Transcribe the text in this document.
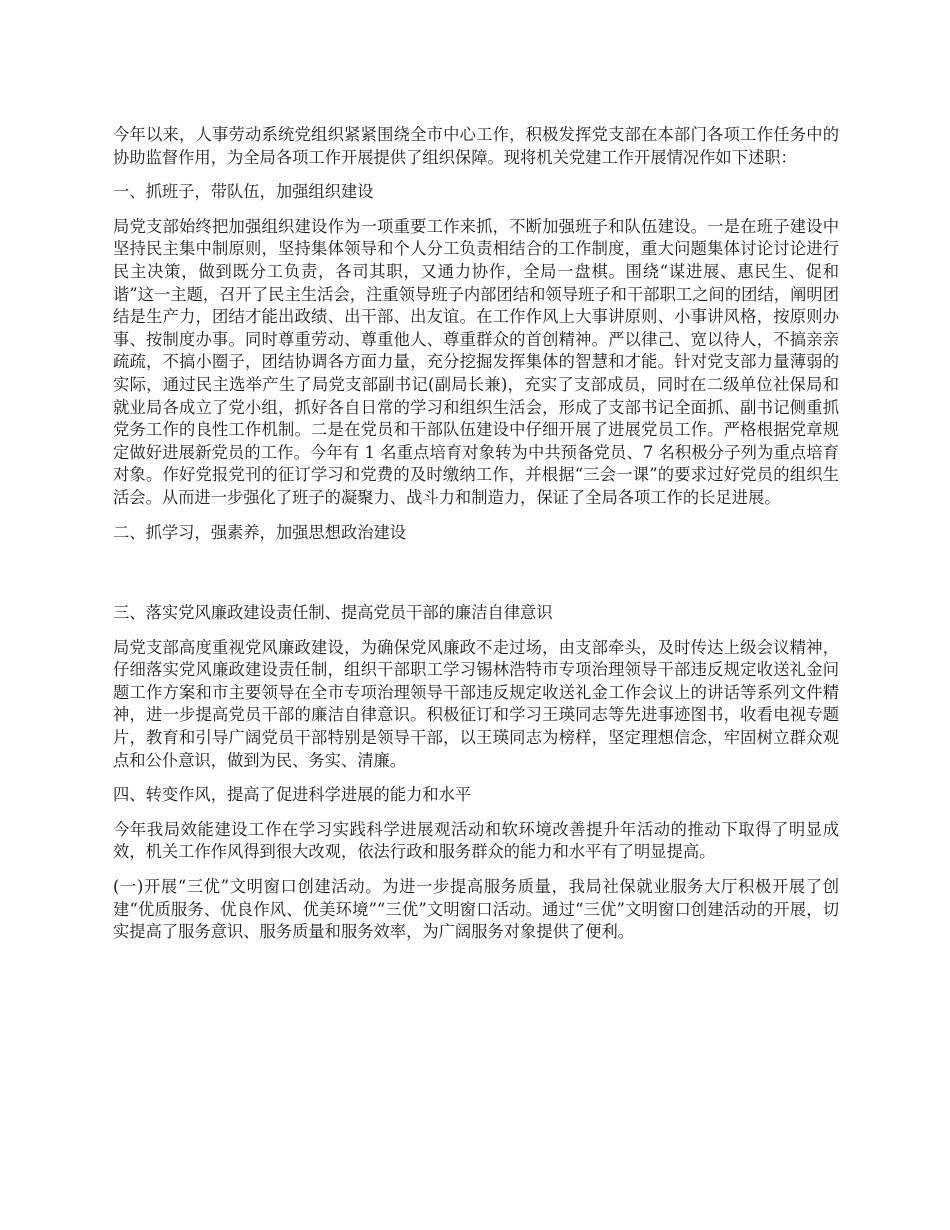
今年以来，人事劳动系统党组织紧紧围绕全市中心工作，积极发挥党支部在本部门各项工作任务中的协助监督作用，为全局各项工作开展提供了组织保障。现将机关党建工作开展情况作如下述职：

一、抓班子，带队伍，加强组织建设

局党支部始终把加强组织建设作为一项重要工作来抓，不断加强班子和队伍建设。一是在班子建设中坚持民主集中制原则，坚持集体领导和个人分工负责相结合的工作制度，重大问题集体讨论讨论进行民主决策，做到既分工负责，各司其职，又通力协作，全局一盘棋。围绕“谋进展、惠民生、促和谐”这一主题，召开了民主生活会，注重领导班子内部团结和领导班子和干部职工之间的团结，阐明团结是生产力，团结才能出政绩、出干部、出友谊。在工作作风上大事讲原则、小事讲风格，按原则办事、按制度办事。同时尊重劳动、尊重他人、尊重群众的首创精神。严以律己、宽以待人，不搞亲亲疏疏，不搞小圈子，团结协调各方面力量，充分挖掘发挥集体的智慧和才能。针对党支部力量薄弱的实际，通过民主选举产生了局党支部副书记(副局长兼)，充实了支部成员，同时在二级单位社保局和就业局各成立了党小组，抓好各自日常的学习和组织生活会，形成了支部书记全面抓、副书记侧重抓党务工作的良性工作机制。二是在党员和干部队伍建设中仔细开展了进展党员工作。严格根据党章规定做好进展新党员的工作。今年有 1 名重点培育对象转为中共预备党员、7 名积极分子列为重点培育对象。作好党报党刊的征订学习和党费的及时缴纳工作，并根据“三会一课”的要求过好党员的组织生活会。从而进一步强化了班子的凝聚力、战斗力和制造力，保证了全局各项工作的长足进展。

二、抓学习，强素养，加强思想政治建设

三、落实党风廉政建设责任制、提高党员干部的廉洁自律意识

局党支部高度重视党风廉政建设，为确保党风廉政不走过场，由支部牵头，及时传达上级会议精神，仔细落实党风廉政建设责任制，组织干部职工学习锡林浩特市专项治理领导干部违反规定收送礼金问题工作方案和市主要领导在全市专项治理领导干部违反规定收送礼金工作会议上的讲话等系列文件精神，进一步提高党员干部的廉洁自律意识。积极征订和学习王瑛同志等先进事迹图书，收看电视专题片，教育和引导广阔党员干部特别是领导干部，以王瑛同志为榜样，坚定理想信念，牢固树立群众观点和公仆意识，做到为民、务实、清廉。

四、转变作风，提高了促进科学进展的能力和水平

今年我局效能建设工作在学习实践科学进展观活动和软环境改善提升年活动的推动下取得了明显成效，机关工作作风得到很大改观，依法行政和服务群众的能力和水平有了明显提高。

(一)开展“三优”文明窗口创建活动。为进一步提高服务质量，我局社保就业服务大厅积极开展了创建“优质服务、优良作风、优美环境”“三优”文明窗口活动。通过“三优”文明窗口创建活动的开展，切实提高了服务意识、服务质量和服务效率，为广阔服务对象提供了便利。
